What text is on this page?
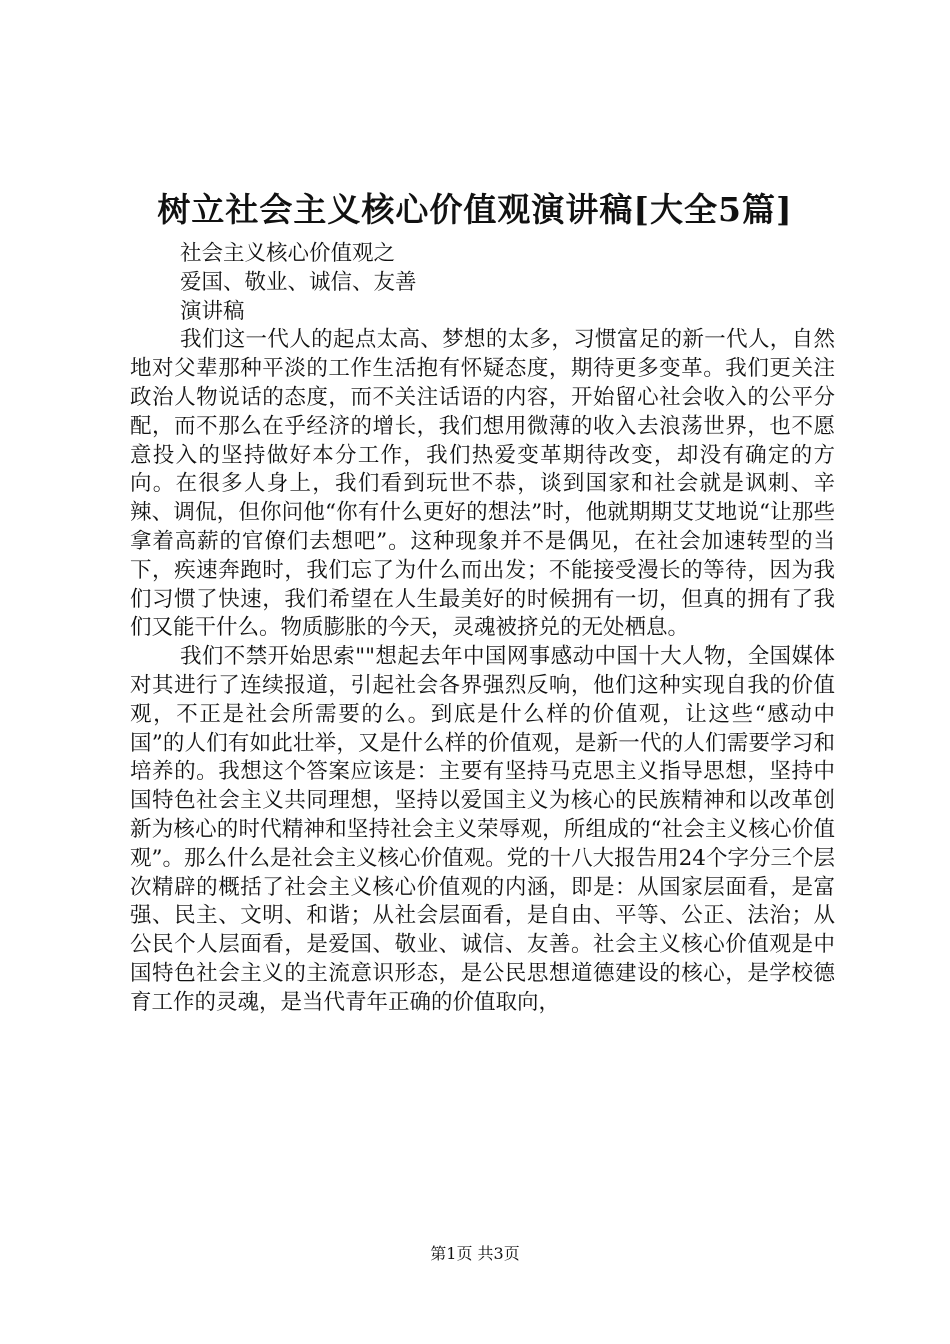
树立社会主义核心价值观演讲稿[大全5篇]

社会主义核心价值观之

爱国、敬业、诚信、友善

演讲稿

我们这一代人的起点太高、梦想的太多，习惯富足的新一代人，自然地对父辈那种平淡的工作生活抱有怀疑态度，期待更多变革。我们更关注政治人物说话的态度，而不关注话语的内容，开始留心社会收入的公平分配，而不那么在乎经济的增长，我们想用微薄的收入去浪荡世界，也不愿意投入的坚持做好本分工作，我们热爱变革期待改变，却没有确定的方向。在很多人身上，我们看到玩世不恭，谈到国家和社会就是讽刺、辛辣、调侃，但你问他“你有什么更好的想法”时，他就期期艾艾地说“让那些拿着高薪的官僚们去想吧”。这种现象并不是偶见，在社会加速转型的当下，疾速奔跑时，我们忘了为什么而出发；不能接受漫长的等待，因为我们习惯了快速，我们希望在人生最美好的时候拥有一切，但真的拥有了我们又能干什么。物质膨胀的今天，灵魂被挤兑的无处栖息。

我们不禁开始思索""想起去年中国网事感动中国十大人物，全国媒体对其进行了连续报道，引起社会各界强烈反响，他们这种实现自我的价值观，不正是社会所需要的么。到底是什么样的价值观，让这些“感动中国”的人们有如此壮举，又是什么样的价值观，是新一代的人们需要学习和培养的。我想这个答案应该是：主要有坚持马克思主义指导思想，坚持中国特色社会主义共同理想，坚持以爱国主义为核心的民族精神和以改革创新为核心的时代精神和坚持社会主义荣辱观，所组成的“社会主义核心价值观”。那么什么是社会主义核心价值观。党的十八大报告用24个字分三个层次精辟的概括了社会主义核心价值观的内涵，即是：从国家层面看，是富强、民主、文明、和谐；从社会层面看，是自由、平等、公正、法治；从公民个人层面看，是爱国、敬业、诚信、友善。社会主义核心价值观是中国特色社会主义的主流意识形态，是公民思想道德建设的核心，是学校德育工作的灵魂，是当代青年正确的价值取向，

第1页 共3页
